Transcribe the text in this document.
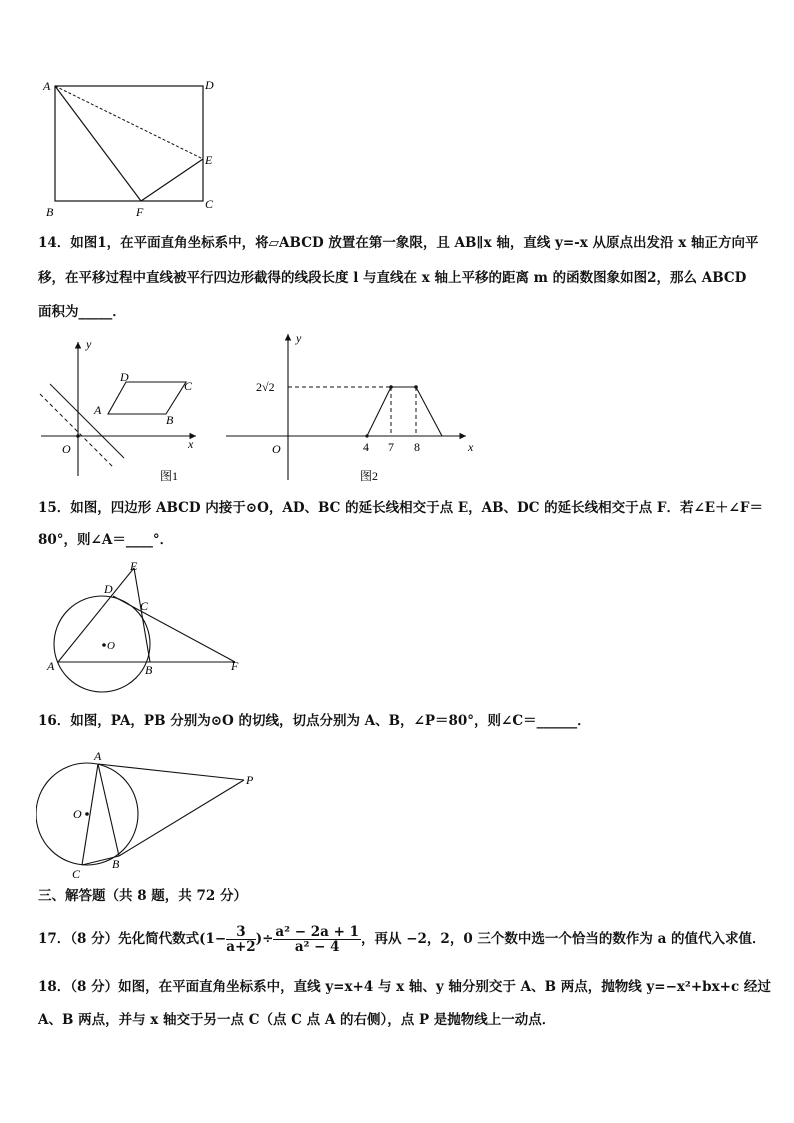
A	D
E
B	F
C
14．如图1，在平面直角坐标系中，将▱ABCD 放置在第一象限，且 AB∥x 轴，直线 y=-x 从原点出发沿 x 轴正方向平
移，在平移过程中直线被平行四边形截得的线段长度 l 与直线在 x 轴上平移的距离 m 的函数图象如图2，那么 ABCD
面积为_____．
y
D
C
A
B
O	x
图1
y
2√2
4 7 8
O	x
图2
15．如图，四边形 ABCD 内接于⊙O，AD、BC 的延长线相交于点 E，AB、DC 的延长线相交于点 F．若∠E＋∠F＝
80°，则∠A＝____°．
E
D
C
O
A	B	F
16．如图，PA，PB 分别为⊙O 的切线，切点分别为 A、B，∠P＝80°，则∠C＝______．
A
P
O
B
C
三、解答题（共 8 题，共 72 分）
17．（8 分）先化简代数式($1- \frac{3}{a+2}$ )÷ $\frac{\text{a² − 2a + 1}}{\text{a² − 4}}$ ，再从 −2，2，0 三个数中选一个恰当的数作为 a 的值代入求值．
18．（8 分）如图，在平面直角坐标系中，直线 y=x+4 与 x 轴、y 轴分别交于 A、B 两点，抛物线 y=−x²+bx+c 经过
A、B 两点，并与 x 轴交于另一点 C（点 C 点 A 的右侧），点 P 是抛物线上一动点．
